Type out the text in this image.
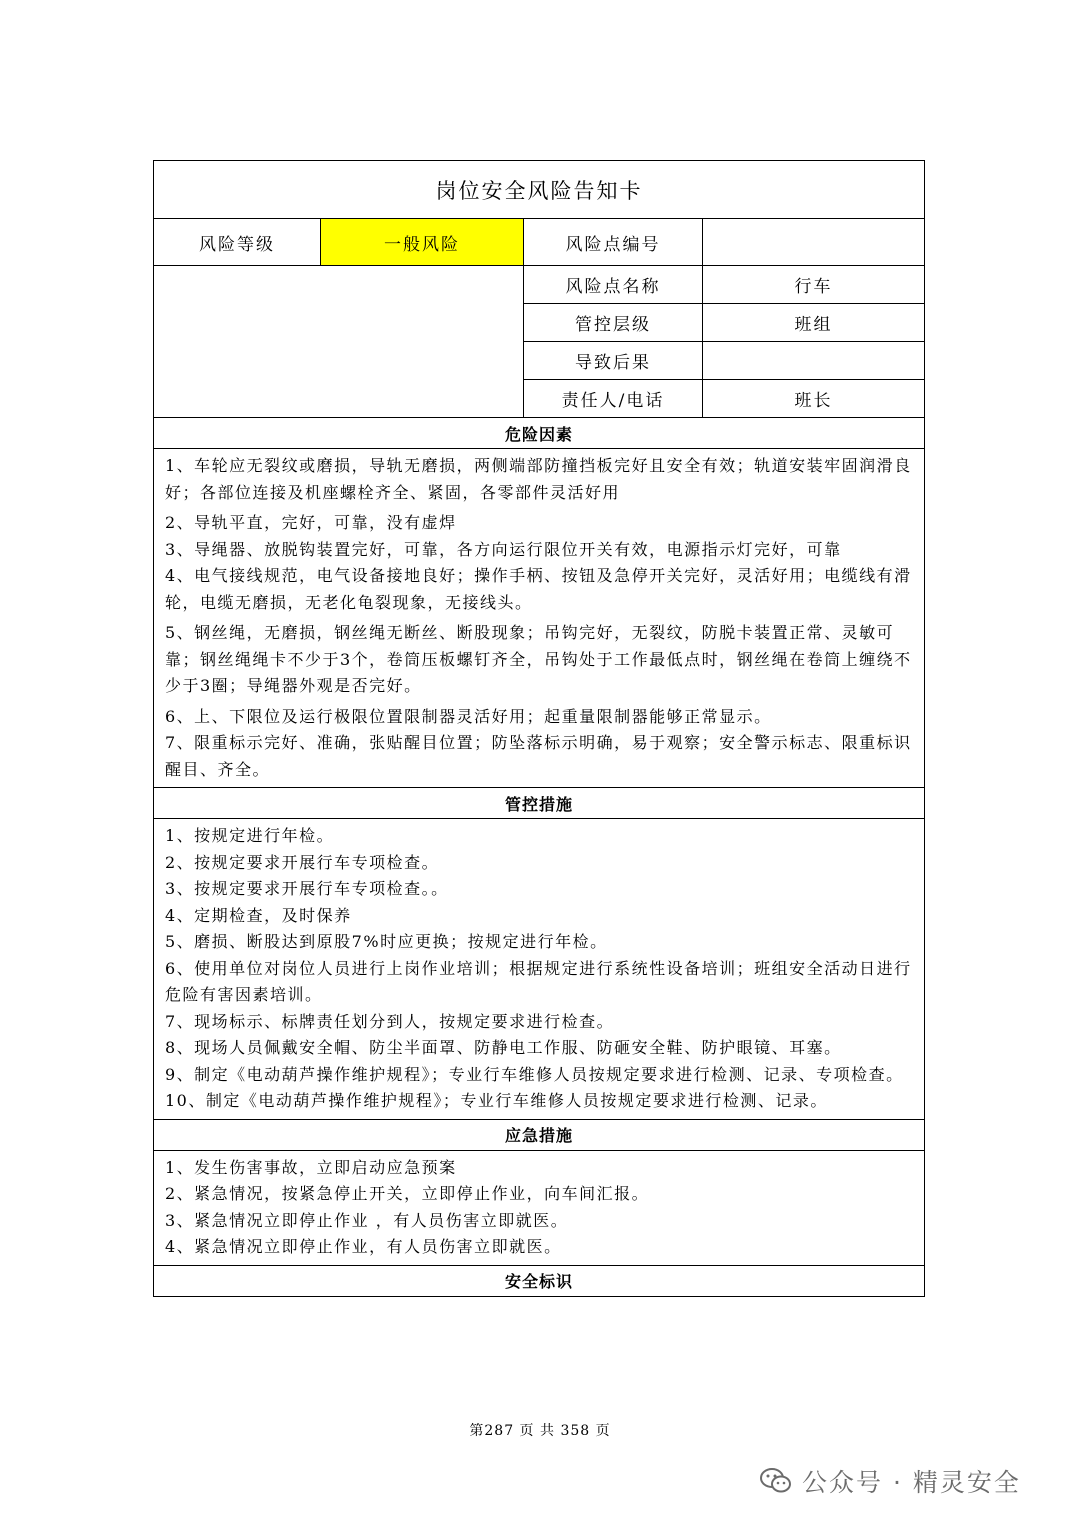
岗位安全风险告知卡
风险等级	一般风险	风险点编号
风险点名称	行车
管控层级	班组
导致后果
责任人/电话	班长
危险因素

1、车轮应无裂纹或磨损，导轨无磨损，两侧端部防撞挡板完好且安全有效；轨道安装牢固润滑良好；各部位连接及机座螺栓齐全、紧固，各零部件灵活好用

2、导轨平直，完好，可靠，没有虚焊

3、导绳器、放脱钩装置完好，可靠，各方向运行限位开关有效，电源指示灯完好，可靠

4、电气接线规范，电气设备接地良好；操作手柄、按钮及急停开关完好，灵活好用；电缆线有滑轮，电缆无磨损，无老化龟裂现象，无接线头。

5、钢丝绳，无磨损，钢丝绳无断丝、断股现象；吊钩完好，无裂纹，防脱卡装置正常、灵敏可靠；钢丝绳绳卡不少于3个，卷筒压板螺钉齐全，吊钩处于工作最低点时，钢丝绳在卷筒上缠绕不少于3圈；导绳器外观是否完好。

6、上、下限位及运行极限位置限制器灵活好用；起重量限制器能够正常显示。

7、限重标示完好、准确，张贴醒目位置；防坠落标示明确，易于观察；安全警示标志、限重标识醒目、齐全。

管控措施

1、按规定进行年检。

2、按规定要求开展行车专项检查。

3、按规定要求开展行车专项检查。。

4、定期检查，及时保养

5、磨损、断股达到原股7%时应更换；按规定进行年检。

6、使用单位对岗位人员进行上岗作业培训；根据规定进行系统性设备培训；班组安全活动日进行危险有害因素培训。

7、现场标示、标牌责任划分到人，按规定要求进行检查。

8、现场人员佩戴安全帽、防尘半面罩、防静电工作服、防砸安全鞋、防护眼镜、耳塞。

9、制定《电动葫芦操作维护规程》；专业行车维修人员按规定要求进行检测、记录、专项检查。

10、制定《电动葫芦操作维护规程》；专业行车维修人员按规定要求进行检测、记录。

应急措施

1、发生伤害事故，立即启动应急预案

2、紧急情况，按紧急停止开关，立即停止作业，向车间汇报。

3、紧急情况立即停止作业 ，有人员伤害立即就医。

4、紧急情况立即停止作业，有人员伤害立即就医。

安全标识
第287 页 共 358 页
公众号 · 精灵安全
